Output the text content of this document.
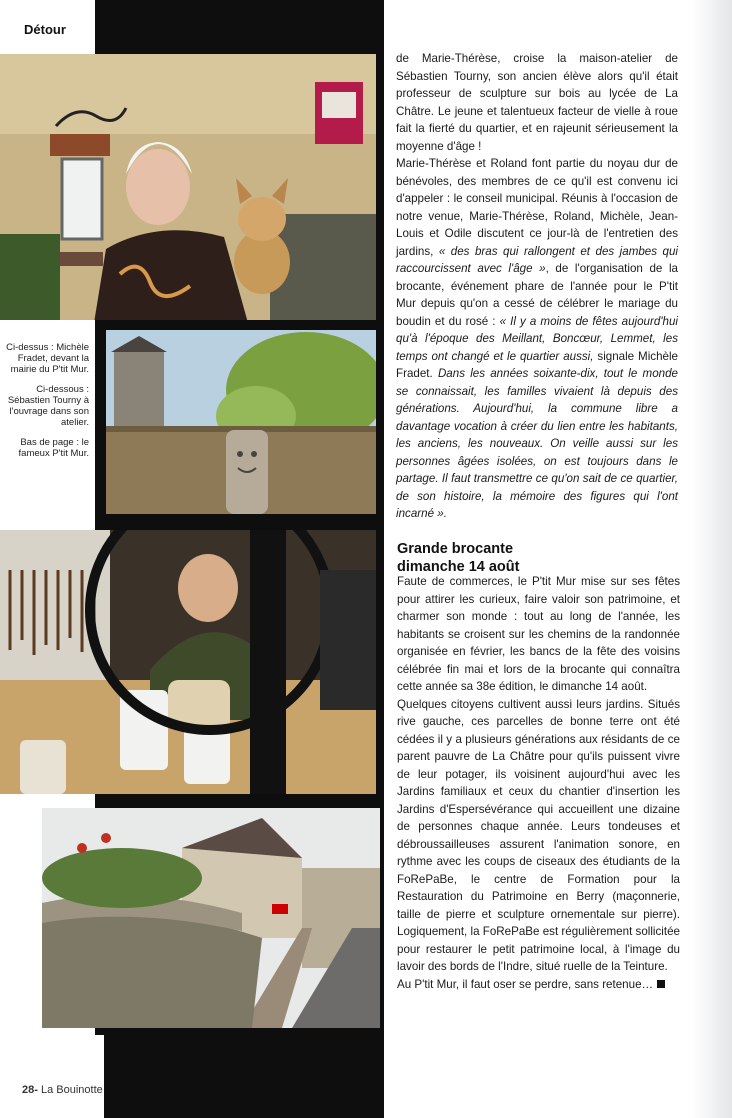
Détour

Ci-dessus : Michèle Fradet, devant la mairie du P'tit Mur.

Ci-dessous : Sébastien Tourny à l'ouvrage dans son atelier.

Bas de page : le fameux P'tit Mur.

28- La Bouinotte

de Marie-Thérèse, croise la maison-atelier de Sébastien Tourny, son ancien élève alors qu'il était professeur de sculpture sur bois au lycée de La Châtre. Le jeune et talentueux facteur de vielle à roue fait la fierté du quartier, et en rajeunit sérieusement la moyenne d'âge !

Marie-Thérèse et Roland font partie du noyau dur de bénévoles, des membres de ce qu'il est convenu ici d'appeler : le conseil municipal. Réunis à l'occasion de notre venue, Marie-Thérèse, Roland, Michèle, Jean-Louis et Odile discutent ce jour-là de l'entretien des jardins, « des bras qui rallongent et des jambes qui raccourcissent avec l'âge », de l'organisation de la brocante, événement phare de l'année pour le P'tit Mur depuis qu'on a cessé de célébrer le mariage du boudin et du rosé : « Il y a moins de fêtes aujourd'hui qu'à l'époque des Meillant, Boncœur, Lemmet, les temps ont changé et le quartier aussi, signale Michèle Fradet. Dans les années soixante-dix, tout le monde se connaissait, les familles vivaient là depuis des générations. Aujourd'hui, la commune libre a davantage vocation à créer du lien entre les habitants, les anciens, les nouveaux. On veille aussi sur les personnes âgées isolées, on est toujours dans le partage. Il faut transmettre ce qu'on sait de ce quartier, de son histoire, la mémoire des figures qui l'ont incarné ».

Grande brocante
dimanche 14 août

Faute de commerces, le P'tit Mur mise sur ses fêtes pour attirer les curieux, faire valoir son patrimoine, et charmer son monde : tout au long de l'année, les habitants se croisent sur les chemins de la randonnée organisée en février, les bancs de la fête des voisins célébrée fin mai et lors de la brocante qui connaîtra cette année sa 38e édition, le dimanche 14 août.

Quelques citoyens cultivent aussi leurs jardins. Situés rive gauche, ces parcelles de bonne terre ont été cédées il y a plusieurs générations aux résidants de ce parent pauvre de La Châtre pour qu'ils puissent vivre de leur potager, ils voisinent aujourd'hui avec les Jardins familiaux et ceux du chantier d'insertion les Jardins d'Espersévérance qui accueillent une dizaine de personnes chaque année. Leurs tondeuses et débroussailleuses assurent l'animation sonore, en rythme avec les coups de ciseaux des étudiants de la FoRePaBe, le centre de Formation pour la Restauration du Patrimoine en Berry (maçonnerie, taille de pierre et sculpture ornementale sur pierre). Logiquement, la FoRePaBe est régulièrement sollicitée pour restaurer le petit patrimoine local, à l'image du lavoir des bords de l'Indre, situé ruelle de la Teinture.

Au P'tit Mur, il faut oser se perdre, sans retenue…
